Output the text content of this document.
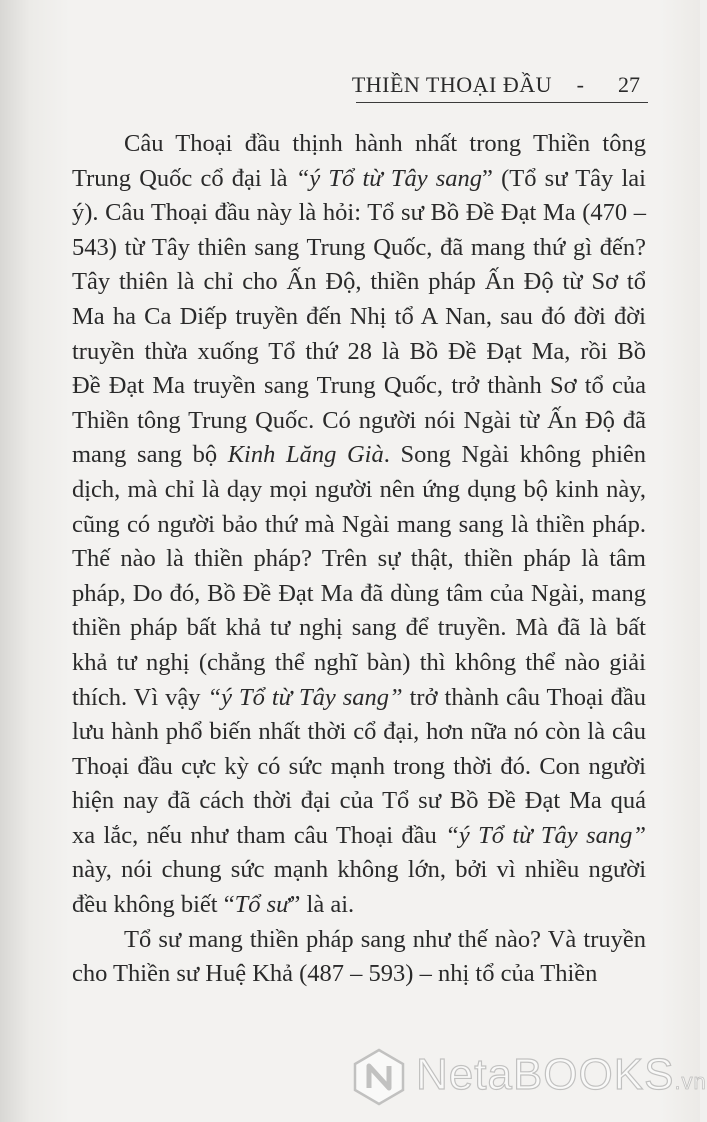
THIỀN THOẠI ĐẦU - 27
Câu Thoại đầu thịnh hành nhất trong Thiền tông
Trung Quốc cổ đại là “ý Tổ từ Tây sang” (Tổ sư Tây lai
ý). Câu Thoại đầu này là hỏi: Tổ sư Bồ Đề Đạt Ma (470 –
543) từ Tây thiên sang Trung Quốc, đã mang thứ gì đến?
Tây thiên là chỉ cho Ấn Độ, thiền pháp Ấn Độ từ Sơ tổ
Ma ha Ca Diếp truyền đến Nhị tổ A Nan, sau đó đời đời
truyền thừa xuống Tổ thứ 28 là Bồ Đề Đạt Ma, rồi Bồ
Đề Đạt Ma truyền sang Trung Quốc, trở thành Sơ tổ của
Thiền tông Trung Quốc. Có người nói Ngài từ Ấn Độ đã
mang sang bộ Kinh Lăng Già. Song Ngài không phiên
dịch, mà chỉ là dạy mọi người nên ứng dụng bộ kinh này,
cũng có người bảo thứ mà Ngài mang sang là thiền pháp.
Thế nào là thiền pháp? Trên sự thật, thiền pháp là tâm
pháp, Do đó, Bồ Đề Đạt Ma đã dùng tâm của Ngài, mang
thiền pháp bất khả tư nghị sang để truyền. Mà đã là bất
khả tư nghị (chẳng thể nghĩ bàn) thì không thể nào giải
thích. Vì vậy “ý Tổ từ Tây sang” trở thành câu Thoại đầu
lưu hành phổ biến nhất thời cổ đại, hơn nữa nó còn là câu
Thoại đầu cực kỳ có sức mạnh trong thời đó. Con người
hiện nay đã cách thời đại của Tổ sư Bồ Đề Đạt Ma quá
xa lắc, nếu như tham câu Thoại đầu “ý Tổ từ Tây sang”
này, nói chung sức mạnh không lớn, bởi vì nhiều người
đều không biết “Tổ sư” là ai.
Tổ sư mang thiền pháp sang như thế nào? Và truyền
cho Thiền sư Huệ Khả (487 – 593) – nhị tổ của Thiền
NetaBOOKS.vn
